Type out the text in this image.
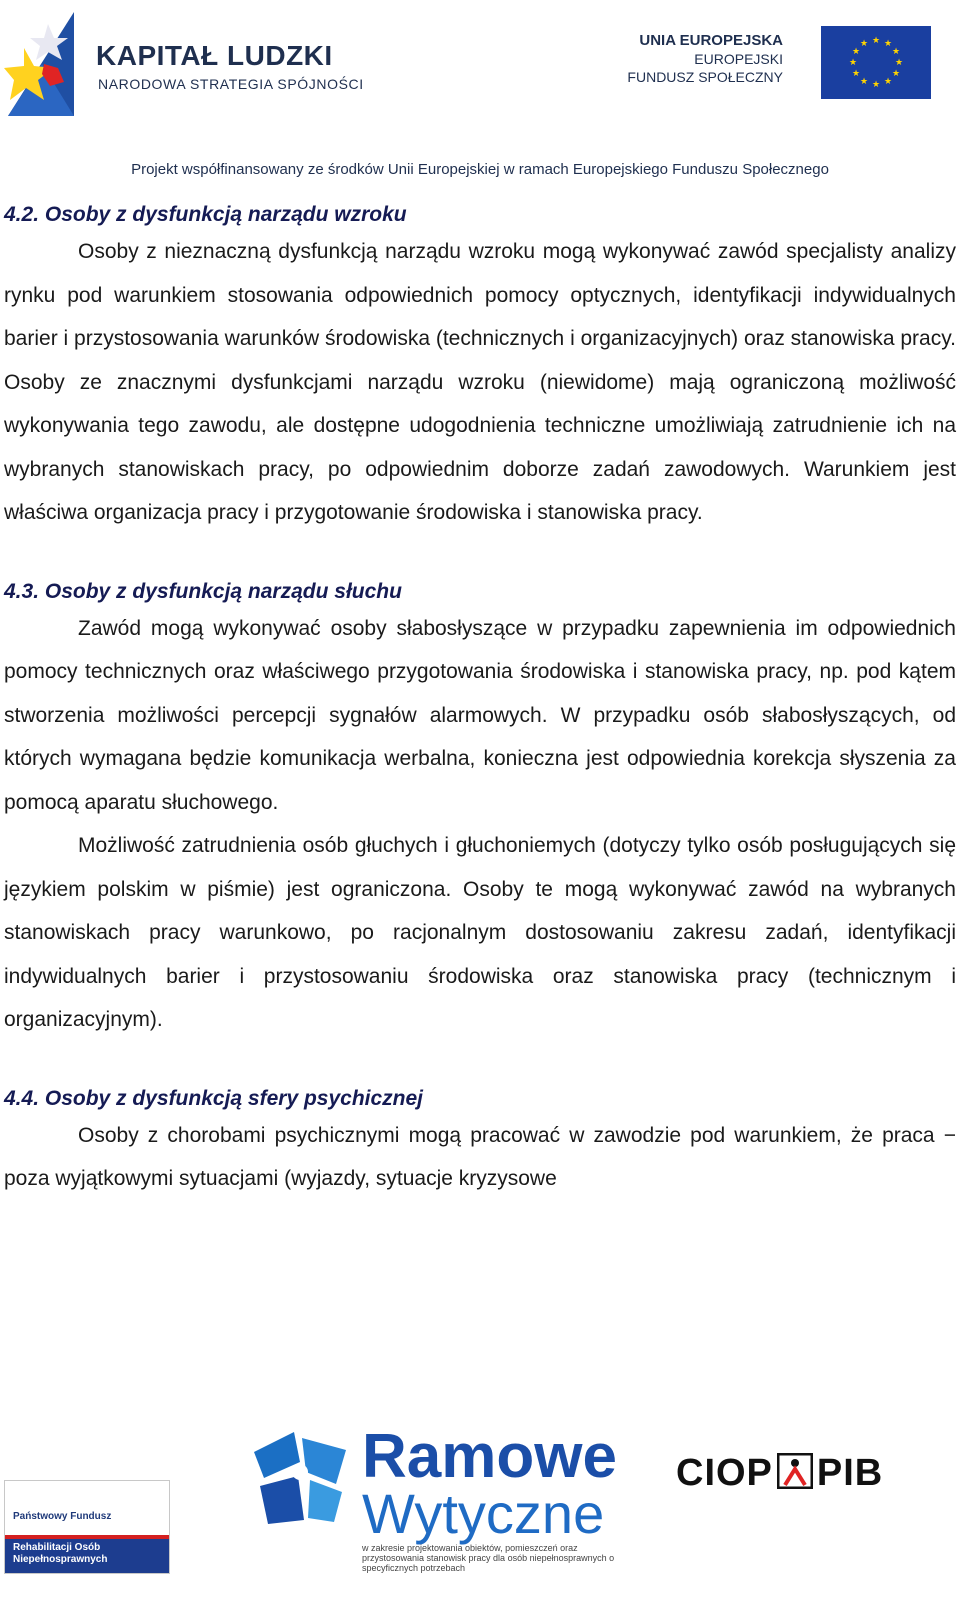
KAPITAŁ LUDZKI
NARODOWA STRATEGIA SPÓJNOŚCI
UNIA EUROPEJSKA
EUROPEJSKI
FUNDUSZ SPOŁECZNY
★ ★
★
★
★
★
★
★
★
★
★
★
Projekt współfinansowany ze środków Unii Europejskiej w ramach Europejskiego Funduszu Społecznego
4.2. Osoby z dysfunkcją narządu wzroku

Osoby z nieznaczną dysfunkcją narządu wzroku mogą wykonywać zawód specjalisty analizy rynku pod warunkiem stosowania odpowiednich pomocy optycznych, identyfikacji indywidualnych barier i przystosowania warunków środowiska (technicznych i organizacyjnych) oraz stanowiska pracy. Osoby ze znacznymi dysfunkcjami narządu wzroku (niewidome) mają ograniczoną możliwość wykonywania tego zawodu, ale dostępne udogodnienia techniczne umożliwiają zatrudnienie ich na wybranych stanowiskach pracy, po odpowiednim doborze zadań zawodowych. Warunkiem jest właściwa organizacja pracy i przygotowanie środowiska i stanowiska pracy.

4.3. Osoby z dysfunkcją narządu słuchu

Zawód mogą wykonywać osoby słabosłyszące w przypadku zapewnienia im odpowiednich pomocy technicznych oraz właściwego przygotowania środowiska i stanowiska pracy, np. pod kątem stworzenia możliwości percepcji sygnałów alarmowych. W przypadku osób słabosłyszących, od których wymagana będzie komunikacja werbalna, konieczna jest odpowiednia korekcja słyszenia za pomocą aparatu słuchowego.

Możliwość zatrudnienia osób głuchych i głuchoniemych (dotyczy tylko osób posługujących się językiem polskim w piśmie) jest ograniczona. Osoby te mogą wykonywać zawód na wybranych stanowiskach pracy warunkowo, po racjonalnym dostosowaniu zakresu zadań, identyfikacji indywidualnych barier i przystosowaniu środowiska oraz stanowiska pracy (technicznym i organizacyjnym).

4.4. Osoby z dysfunkcją sfery psychicznej

Osoby z chorobami psychicznymi mogą pracować w zawodzie pod warunkiem, że praca − poza wyjątkowymi sytuacjami (wyjazdy, sytuacje kryzysowe

Państwowy Fundusz
Rehabilitacji Osób
Niepełnosprawnych
Ramowe
Wytyczne
w zakresie projektowania obiektów, pomieszczeń oraz przystosowania stanowisk pracy dla osób niepełnosprawnych o specyficznych potrzebach
CIOP PIB
